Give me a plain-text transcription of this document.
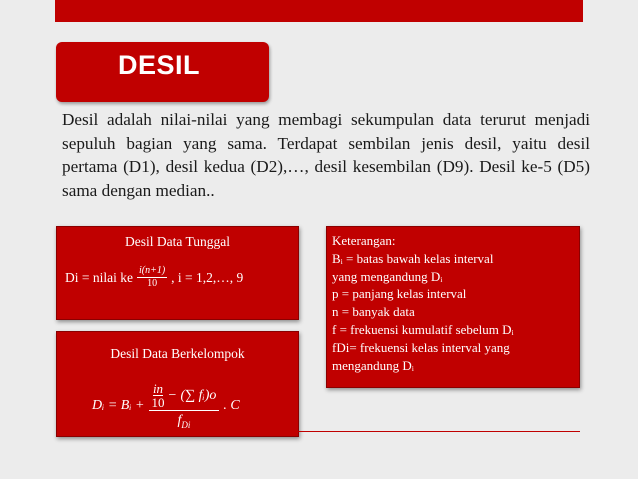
DESIL
Desil adalah nilai-nilai yang membagi sekumpulan data terurut menjadi sepuluh bagian yang sama. Terdapat sembilan jenis desil, yaitu desil pertama (D1), desil kedua (D2),…, desil kesembilan (D9). Desil ke-5 (D5) sama dengan median..
Desil Data Tunggal
Di = nilai ke $\frac{i(n+1)}{10}$ , i = 1,2,…, 9
Desil Data Berkelompok
Dᵢ = Bᵢ + $\frac{\frac{in}{10} - (\sum fᵢ)o}{f_{Di}}$ . C
Keterangan:
Bᵢ = batas bawah kelas interval
yang mengandung Dᵢ
p = panjang kelas interval
n = banyak data
f = frekuensi kumulatif sebelum Dᵢ
fDi= frekuensi kelas interval yang
mengandung Dᵢ
